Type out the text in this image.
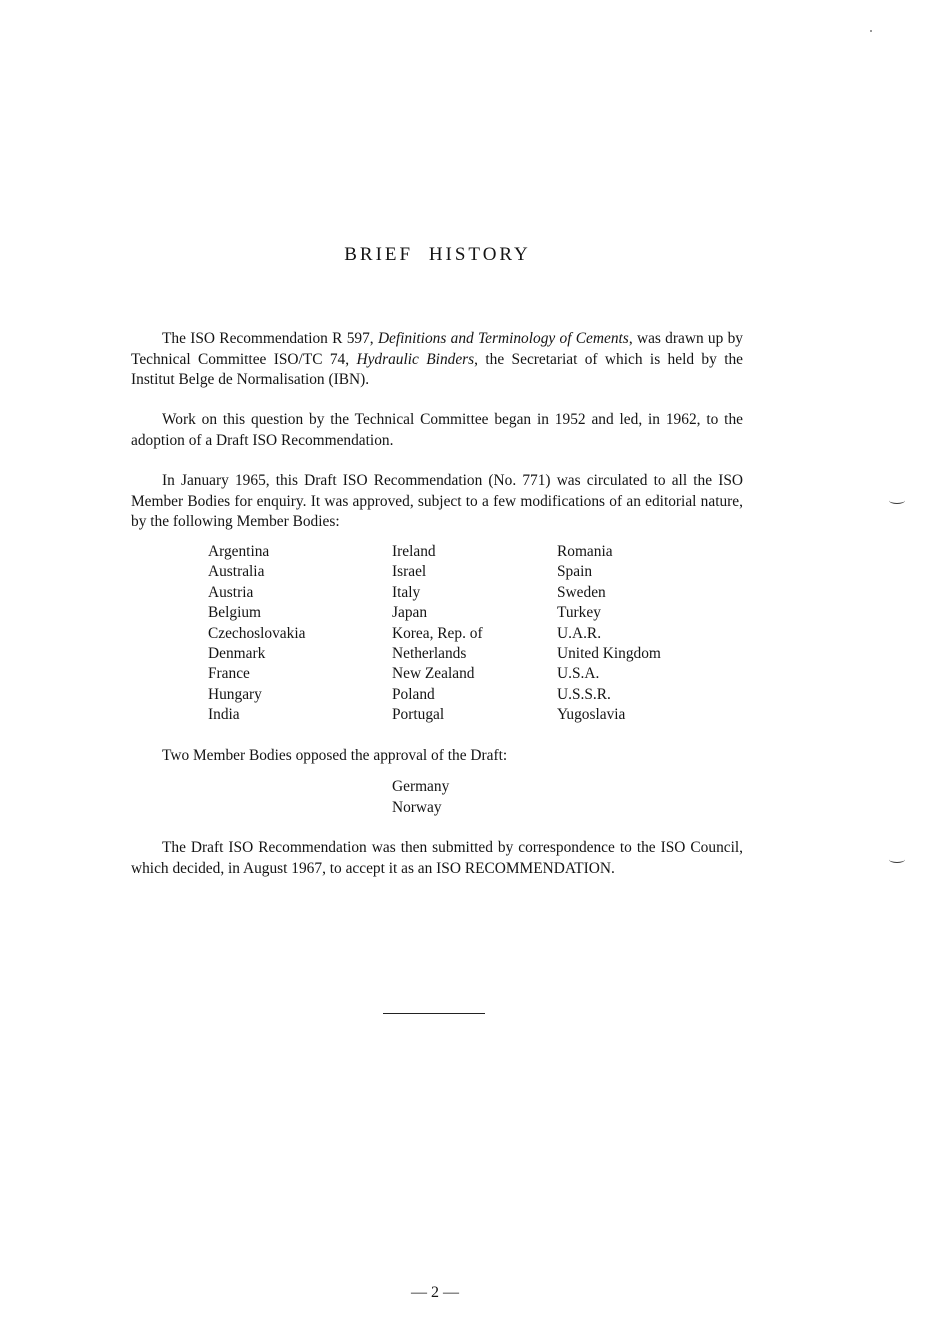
BRIEF HISTORY

The ISO Recommendation R 597, Definitions and Terminology of Cements, was drawn up by Technical Committee ISO/TC 74, Hydraulic Binders, the Secretariat of which is held by the Institut Belge de Normalisation (IBN).

Work on this question by the Technical Committee began in 1952 and led, in 1962, to the adoption of a Draft ISO Recommendation.

In January 1965, this Draft ISO Recommendation (No. 771) was circulated to all the ISO Member Bodies for enquiry. It was approved, subject to a few modifications of an editorial nature, by the following Member Bodies:

Argentina
Australia
Austria
Belgium
Czechoslovakia
Denmark
France
Hungary
India
Ireland
Israel
Italy
Japan
Korea, Rep. of
Netherlands
New Zealand
Poland
Portugal
Romania
Spain
Sweden
Turkey
U.A.R.
United Kingdom
U.S.A.
U.S.S.R.
Yugoslavia

Two Member Bodies opposed the approval of the Draft:

Germany
Norway

The Draft ISO Recommendation was then submitted by correspondence to the ISO Council, which decided, in August 1967, to accept it as an ISO RECOMMENDATION.

— 2 —
